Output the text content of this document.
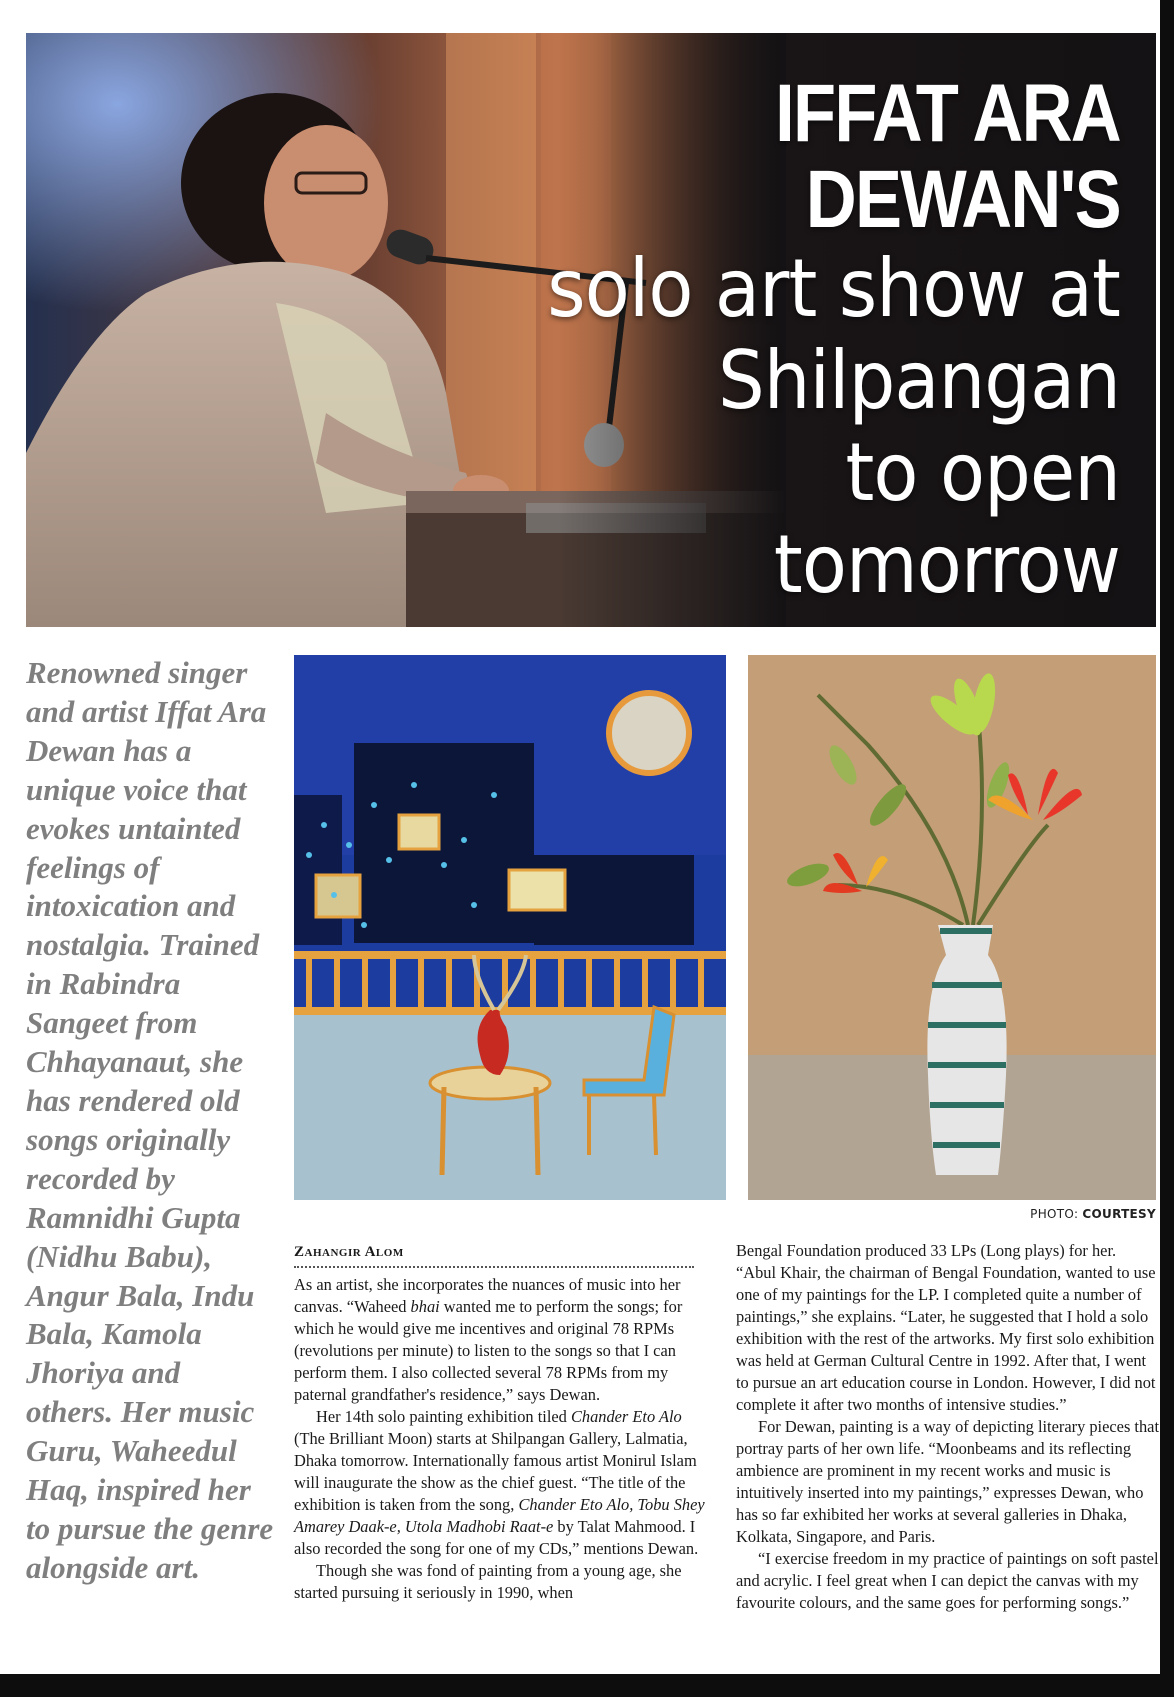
IFFAT ARA
DEWAN'S
solo art show at
Shilpangan
to open
tomorrow
Renowned singer and artist Iffat Ara Dewan has a unique voice that evokes untainted feelings of intoxication and nostalgia. Trained in Rabindra Sangeet from Chhayanaut, she has rendered old songs originally recorded by Ramnidhi Gupta (Nidhu Babu), Angur Bala, Indu Bala, Kamola Jhoriya and others. Her music Guru, Waheedul Haq, inspired her to pursue the genre alongside art.
PHOTO: COURTESY
Zahangir Alom

As an artist, she incorporates the nuances of music into her canvas. “Waheed bhai wanted me to perform the songs; for which he would give me incentives and original 78 RPMs (revolutions per minute) to listen to the songs so that I can perform them. I also collected several 78 RPMs from my paternal grandfather's residence,” says Dewan.

Her 14th solo painting exhibition tiled Chander Eto Alo (The Brilliant Moon) starts at Shilpangan Gallery, Lalmatia, Dhaka tomorrow. Internationally famous artist Monirul Islam will inaugurate the show as the chief guest. “The title of the exhibition is taken from the song, Chander Eto Alo, Tobu Shey Amarey Daak-e, Utola Madhobi Raat-e by Talat Mahmood. I also recorded the song for one of my CDs,” mentions Dewan.

Though she was fond of painting from a young age, she started pursuing it seriously in 1990, when

Bengal Foundation produced 33 LPs (Long plays) for her. “Abul Khair, the chairman of Bengal Foundation, wanted to use one of my paintings for the LP. I completed quite a number of paintings,” she explains. “Later, he suggested that I hold a solo exhibition with the rest of the artworks. My first solo exhibition was held at German Cultural Centre in 1992. After that, I went to pursue an art education course in London. However, I did not complete it after two months of intensive studies.”

For Dewan, painting is a way of depicting literary pieces that portray parts of her own life. “Moonbeams and its reflecting ambience are prominent in my recent works and music is intuitively inserted into my paintings,” expresses Dewan, who has so far exhibited her works at several galleries in Dhaka, Kolkata, Singapore, and Paris.

“I exercise freedom in my practice of paintings on soft pastel and acrylic. I feel great when I can depict the canvas with my favourite colours, and the same goes for performing songs.”
